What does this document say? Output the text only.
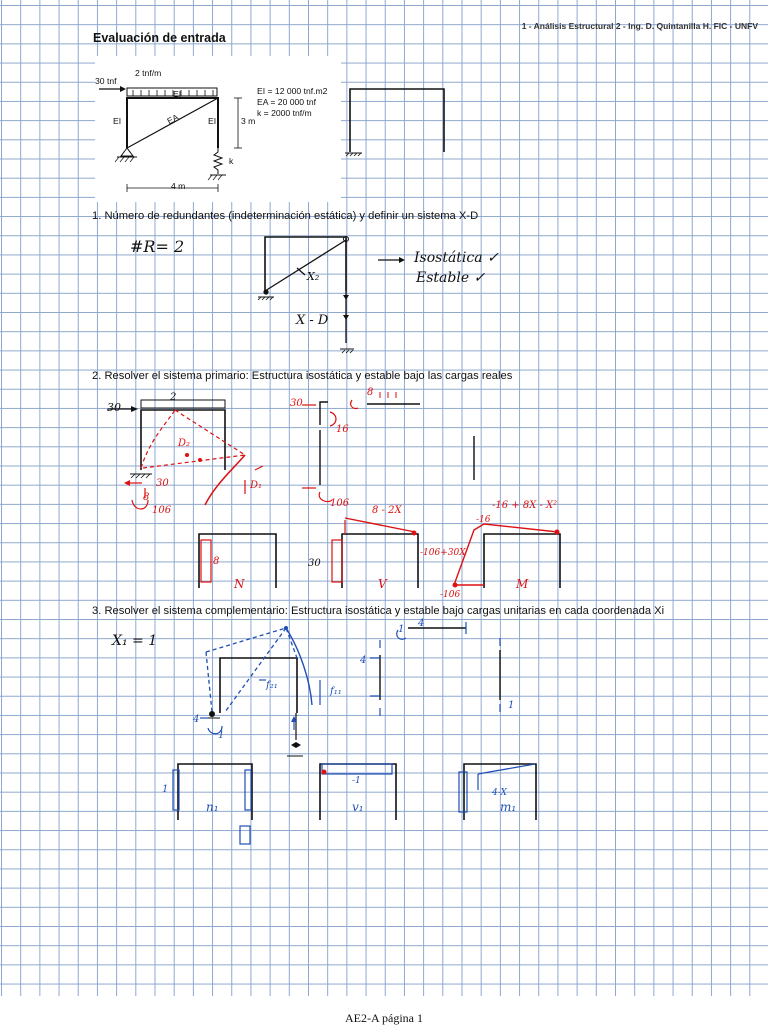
1 - Análisis Estructural 2 - Ing. D. Quintanilla H. FIC - UNFV
Evaluación de entrada
2 tnf/m
30 tnf
EI
EI	EI
EA	3 m
4 m
k
EI = 12 000 tnf.m2
EA = 20 000 tnf
k = 2000 tnf/m
1. Número de redundantes (indeterminación estática) y definir un sistema X-D
2. Resolver el sistema primario: Estructura isostática y estable bajo las cargas reales
3. Resolver el sistema complementario: Estructura isostática y estable bajo cargas unitarias en cada coordenada Xi
#R= 2
Isostática ✓
Estable ✓
X - D
X₂
30
2
D₁
D₂
30
8
106
30
16
8
106
8 - 2X	-16 + 8X - X²
-106+30X
-16
-106
N	V	M
8	30
X₁ = 1
f₁₁
f₂₁
4
1
4
1
4
1
n₁	v₁	m₁
-1
4-X
1
AE2-A página 1
